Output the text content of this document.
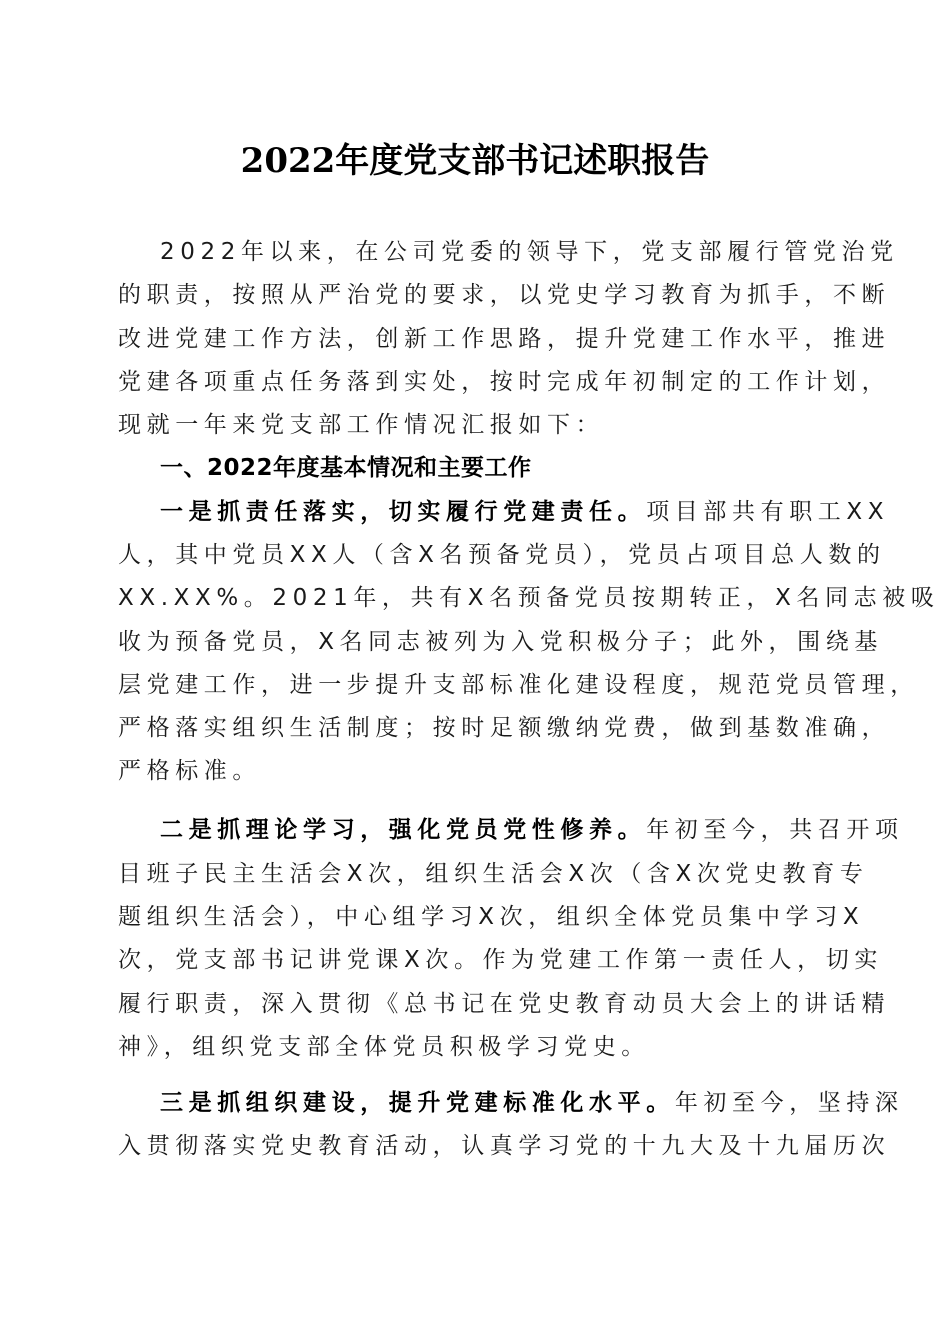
2022年度党支部书记述职报告
2022年以来，在公司党委的领导下，党支部履行管党治党
的职责，按照从严治党的要求，以党史学习教育为抓手，不断
改进党建工作方法，创新工作思路，提升党建工作水平，推进
党建各项重点任务落到实处，按时完成年初制定的工作计划，
现就一年来党支部工作情况汇报如下：
一、2022年度基本情况和主要工作
一是抓责任落实，切实履行党建责任。项目部共有职工XX
人，其中党员XX人（含X名预备党员），党员占项目总人数的
XX.XX%。2021年，共有X名预备党员按期转正，X名同志被吸
收为预备党员，X名同志被列为入党积极分子；此外，围绕基
层党建工作，进一步提升支部标准化建设程度，规范党员管理，
严格落实组织生活制度；按时足额缴纳党费，做到基数准确，
严格标准。
二是抓理论学习，强化党员党性修养。年初至今，共召开项
目班子民主生活会X次，组织生活会X次（含X次党史教育专
题组织生活会），中心组学习X次，组织全体党员集中学习X
次，党支部书记讲党课X次。作为党建工作第一责任人，切实
履行职责，深入贯彻《总书记在党史教育动员大会上的讲话精
神》，组织党支部全体党员积极学习党史。
三是抓组织建设，提升党建标准化水平。年初至今，坚持深
入贯彻落实党史教育活动，认真学习党的十九大及十九届历次
